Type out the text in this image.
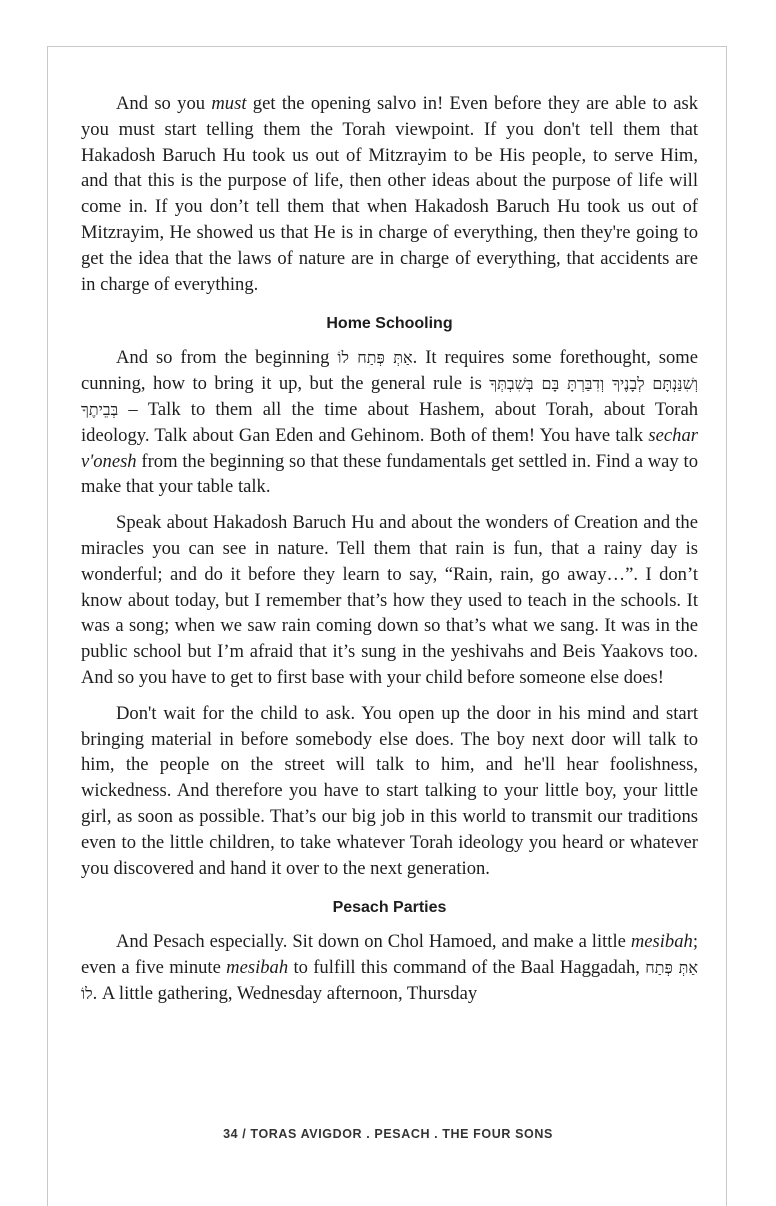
And so you must get the opening salvo in! Even before they are able to ask you must start telling them the Torah viewpoint. If you don't tell them that Hakadosh Baruch Hu took us out of Mitzrayim to be His people, to serve Him, and that this is the purpose of life, then other ideas about the purpose of life will come in. If you don’t tell them that when Hakadosh Baruch Hu took us out of Mitzrayim, He showed us that He is in charge of everything, then they're going to get the idea that the laws of nature are in charge of everything, that accidents are in charge of everything.

Home Schooling

And so from the beginning אַתְּ פְּתַח לוֹ. It requires some forethought, some cunning, how to bring it up, but the general rule is וְשִׁנַּנְתָּם לְבָנֶיךָ וְדִבַּרְתָּ בָּם בְּשִׁבְתְּךָ בְּבֵיתֶךָ – Talk to them all the time about Hashem, about Torah, about Torah ideology. Talk about Gan Eden and Gehinom. Both of them! You have talk sechar v'onesh from the beginning so that these fundamentals get settled in. Find a way to make that your table talk.

Speak about Hakadosh Baruch Hu and about the wonders of Creation and the miracles you can see in nature. Tell them that rain is fun, that a rainy day is wonderful; and do it before they learn to say, “Rain, rain, go away…”. I don’t know about today, but I remember that’s how they used to teach in the schools. It was a song; when we saw rain coming down so that’s what we sang. It was in the public school but I’m afraid that it’s sung in the yeshivahs and Beis Yaakovs too. And so you have to get to first base with your child before someone else does!

Don't wait for the child to ask. You open up the door in his mind and start bringing material in before somebody else does. The boy next door will talk to him, the people on the street will talk to him, and he'll hear foolishness, wickedness. And therefore you have to start talking to your little boy, your little girl, as soon as possible. That’s our big job in this world to transmit our traditions even to the little children, to take whatever Torah ideology you heard or whatever you discovered and hand it over to the next generation.

Pesach Parties

And Pesach especially. Sit down on Chol Hamoed, and make a little mesibah; even a five minute mesibah to fulfill this command of the Baal Haggadah, אַתְּ פְּתַח לוֹ. A little gathering, Wednesday afternoon, Thursday

34 / TORAS AVIGDOR . PESACH . THE FOUR SONS
